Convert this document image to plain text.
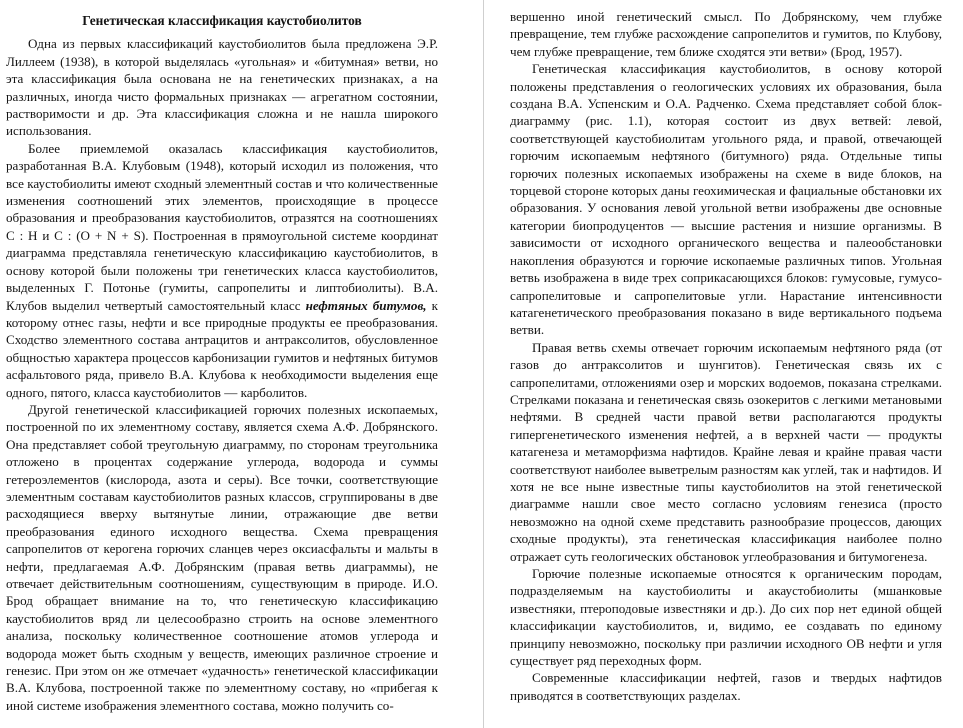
Генетическая классификация каустобиолитов

Одна из первых классификаций каустобиолитов была предложена Э.Р. Лиллеем (1938), в которой выделялась «угольная» и «битумная» ветви, но эта классификация была основана не на генетических признаках, а на различных, иногда чисто формальных признаках — агрегатном состоянии, растворимости и др. Эта классификация сложна и не нашла широкого использования.

Более приемлемой оказалась классификация каустобиолитов, разработанная В.А. Клубовым (1948), который исходил из положения, что все каустобиолиты имеют сходный элементный состав и что количественные изменения соотношений этих элементов, происходящие в процессе образования и преобразования каустобиолитов, отразятся на соотношениях С : Н и С : (О + N + S). Построенная в прямоугольной системе координат диаграмма представляла генетическую классификацию каустобиолитов, в основу которой были положены три генетических класса каустобиолитов, выделенных Г. Потонье (гумиты, сапропелиты и липтобиолиты). В.А. Клубов выделил четвертый самостоятельный класс нефтяных битумов, к которому отнес газы, нефти и все природные продукты ее преобразования. Сходство элементного состава антрацитов и антраксолитов, обусловленное общностью характера процессов карбонизации гумитов и нефтяных битумов асфальтового ряда, привело В.А. Клубова к необходимости выделения еще одного, пятого, класса каустобиолитов — карболитов.

Другой генетической классификацией горючих полезных ископаемых, построенной по их элементному составу, является схема А.Ф. Добрянского. Она представляет собой треугольную диаграмму, по сторонам треугольника отложено в процентах содержание углерода, водорода и суммы гетероэлементов (кислорода, азота и серы). Все точки, соответствующие элементным составам каустобиолитов разных классов, сгруппированы в две расходящиеся вверху вытянутые линии, отражающие две ветви преобразования единого исходного вещества. Схема превращения сапропелитов от керогена горючих сланцев через оксиасфальты и мальты в нефти, предлагаемая А.Ф. Добрянским (правая ветвь диаграммы), не отвечает действительным соотношениям, существующим в природе. И.О. Брод обращает внимание на то, что генетическую классификацию каустобиолитов вряд ли целесообразно строить на основе элементного анализа, поскольку количественное соотношение атомов углерода и водорода может быть сходным у веществ, имеющих различное строение и генезис. При этом он же отмечает «удачность» генетической классификации В.А. Клубова, построенной также по элементному составу, но «прибегая к иной системе изображения элементного состава, можно получить со-

вершенно иной генетический смысл. По Добрянскому, чем глубже превращение, тем глубже расхождение сапропелитов и гумитов, по Клубову, чем глубже превращение, тем ближе сходятся эти ветви» (Брод, 1957).

Генетическая классификация каустобиолитов, в основу которой положены представления о геологических условиях их образования, была создана В.А. Успенским и О.А. Радченко. Схема представляет собой блок-диаграмму (рис. 1.1), которая состоит из двух ветвей: левой, соответствующей каустобиолитам угольного ряда, и правой, отвечающей горючим ископаемым нефтяного (битумного) ряда. Отдельные типы горючих полезных ископаемых изображены на схеме в виде блоков, на торцевой стороне которых даны геохимическая и фациальные обстановки их образования. У основания левой угольной ветви изображены две основные категории биопродуцентов — высшие растения и низшие организмы. В зависимости от исходного органического вещества и палеообстановки накопления образуются и горючие ископаемые различных типов. Угольная ветвь изображена в виде трех соприкасающихся блоков: гумусовые, гумусо-сапропелитовые и сапропелитовые угли. Нарастание интенсивности катагенетического преобразования показано в виде вертикального подъема ветви.

Правая ветвь схемы отвечает горючим ископаемым нефтяного ряда (от газов до антраксолитов и шунгитов). Генетическая связь их с сапропелитами, отложениями озер и морских водоемов, показана стрелками. Стрелками показана и генетическая связь озокеритов с легкими метановыми нефтями. В средней части правой ветви располагаются продукты гипергенетического изменения нефтей, а в верхней части — продукты катагенеза и метаморфизма нафтидов. Крайне левая и крайне правая части соответствуют наиболее выветрелым разностям как углей, так и нафтидов. И хотя не все ныне известные типы каустобиолитов на этой генетической диаграмме нашли свое место согласно условиям генезиса (просто невозможно на одной схеме представить разнообразие процессов, дающих сходные продукты), эта генетическая классификация наиболее полно отражает суть геологических обстановок углеобразования и битумогенеза.

Горючие полезные ископаемые относятся к органическим породам, подразделяемым на каустобиолиты и акаустобиолиты (мшанковые известняки, птероподовые известняки и др.). До сих пор нет единой общей классификации каустобиолитов, и, видимо, ее создавать по единому принципу невозможно, поскольку при различии исходного ОВ нефти и угля существует ряд переходных форм.

Современные классификации нефтей, газов и твердых нафтидов приводятся в соответствующих разделах.
